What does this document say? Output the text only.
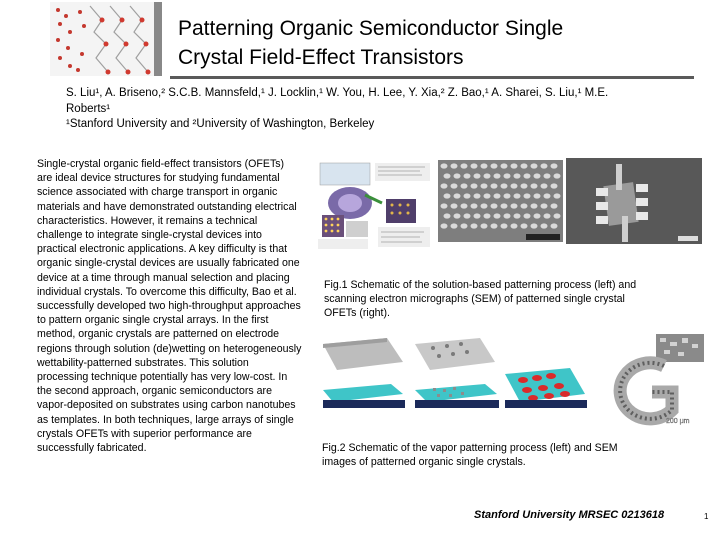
Patterning Organic Semiconductor Single
Crystal Field-Effect Transistors
S. Liu¹, A. Briseno,² S.C.B. Mannsfeld,¹ J. Locklin,¹ W. You, H. Lee, Y. Xia,² Z. Bao,¹ A. Sharei, S. Liu,¹ M.E.
Roberts¹
¹Stanford University and ²University of Washington, Berkeley
Single-crystal organic field-effect transistors (OFETs) are ideal device structures for studying fundamental science associated with charge transport in organic materials and have demonstrated outstanding electrical characteristics. However, it remains a technical challenge to integrate single-crystal devices into practical electronic applications. A key difficulty is that organic single-crystal devices are usually fabricated one device at a time through manual selection and placing individual crystals. To overcome this difficulty, Bao et al. successfully developed two high-throughput approaches to pattern organic single crystal arrays. In the first method, organic crystals are patterned on electrode regions through solution (de)wetting on heterogeneously wettability-patterned substrates. This solution processing technique potentially has very low-cost. In the second approach, organic semiconductors are vapor-deposited on substrates using carbon nanotubes as templates. In both techniques, large arrays of single crystals OFETs with superior performance are successfully fabricated.
Fig.1 Schematic of the solution-based patterning process (left) and scanning electron micrographs (SEM) of patterned single crystal OFETs (right).
200 μm
Fig.2 Schematic of the vapor patterning process (left) and SEM images of patterned organic single crystals.
Stanford University MRSEC 0213618	1
